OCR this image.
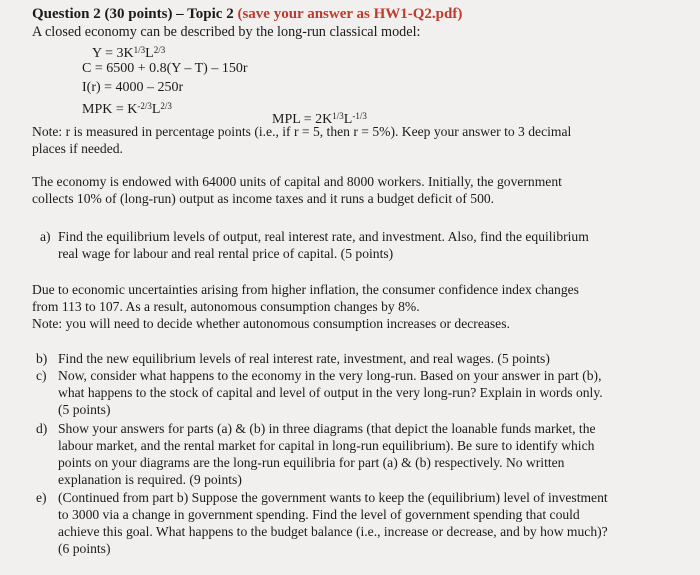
Question 2 (30 points) – Topic 2 (save your answer as HW1-Q2.pdf)
A closed economy can be described by the long-run classical model:
$Y = 3K^{1/3}L^{2/3}$
C = 6500 + 0.8(Y – T) – 150r
I(r) = 4000 – 250r
MPK = $K^{-2/3}L^{2/3}$
MPL = $2K^{1/3}L^{-1/3}$
Note: r is measured in percentage points (i.e., if r = 5, then r = 5%). Keep your answer to 3 decimal
places if needed.
The economy is endowed with 64000 units of capital and 8000 workers. Initially, the government
collects 10% of (long-run) output as income taxes and it runs a budget deficit of 500.
a) Find the equilibrium levels of output, real interest rate, and investment. Also, find the equilibrium
real wage for labour and real rental price of capital. (5 points)
Due to economic uncertainties arising from higher inflation, the consumer confidence index changes
from 113 to 107. As a result, autonomous consumption changes by 8%.
Note: you will need to decide whether autonomous consumption increases or decreases.
b) Find the new equilibrium levels of real interest rate, investment, and real wages. (5 points)
c) Now, consider what happens to the economy in the very long-run. Based on your answer in part (b),
what happens to the stock of capital and level of output in the very long-run? Explain in words only.
(5 points)
d) Show your answers for parts (a) & (b) in three diagrams (that depict the loanable funds market, the
labour market, and the rental market for capital in long-run equilibrium). Be sure to identify which
points on your diagrams are the long-run equilibria for part (a) & (b) respectively. No written
explanation is required. (9 points)
e) (Continued from part b) Suppose the government wants to keep the (equilibrium) level of investment
to 3000 via a change in government spending. Find the level of government spending that could
achieve this goal. What happens to the budget balance (i.e., increase or decrease, and by how much)?
(6 points)
